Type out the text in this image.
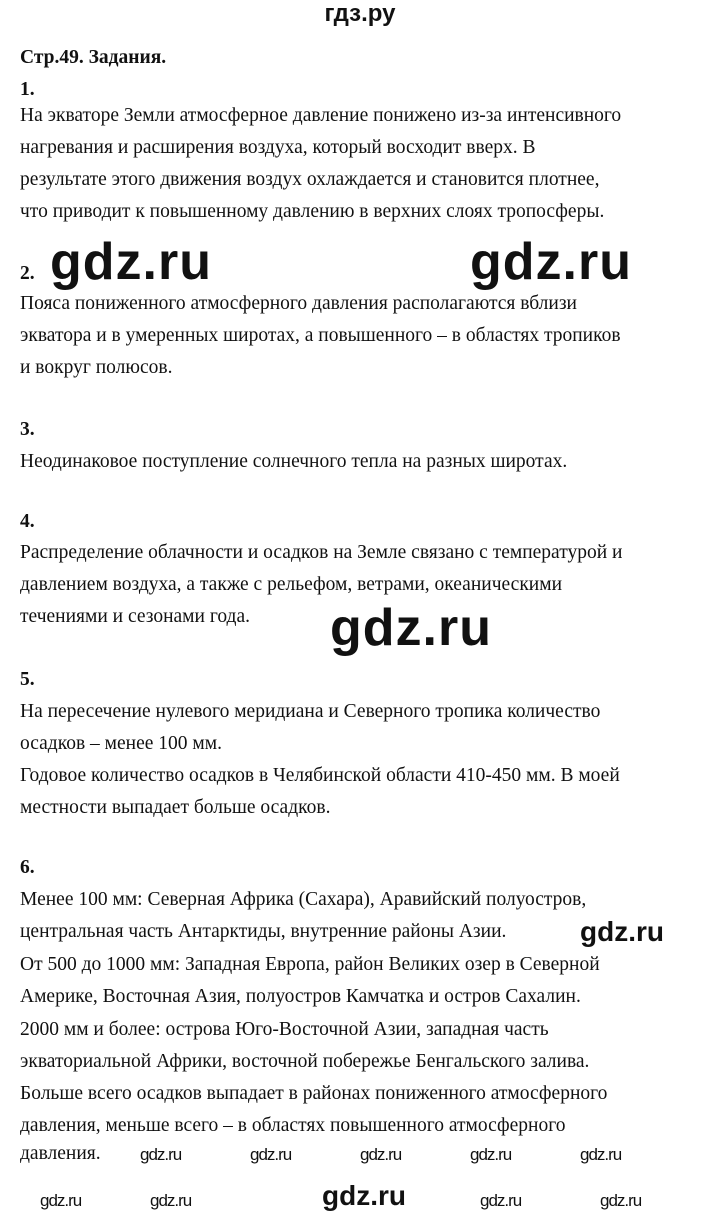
гдз.ру
Стр.49. Задания.
1.
На экваторе Земли атмосферное давление понижено из-за интенсивного
нагревания и расширения воздуха, который восходит вверх. В
результате этого движения воздух охлаждается и становится плотнее,
что приводит к повышенному давлению в верхних слоях тропосферы.
2.
Пояса пониженного атмосферного давления располагаются вблизи
экватора и в умеренных широтах, а повышенного – в областях тропиков
и вокруг полюсов.
3.
Неодинаковое поступление солнечного тепла на разных широтах.
4.
Распределение облачности и осадков на Земле связано с температурой и
давлением воздуха, а также с рельефом, ветрами, океаническими
течениями и сезонами года.
5.
На пересечение нулевого меридиана и Северного тропика количество
осадков – менее 100 мм.
Годовое количество осадков в Челябинской области 410-450 мм. В моей
местности выпадает больше осадков.
6.
Менее 100 мм: Северная Африка (Сахара), Аравийский полуостров,
центральная часть Антарктиды, внутренние районы Азии.
От 500 до 1000 мм: Западная Европа, район Великих озер в Северной
Америке, Восточная Азия, полуостров Камчатка и остров Сахалин.
2000 мм и более: острова Юго-Восточной Азии, западная часть
экваториальной Африки, восточной побережье Бенгальского залива.
Больше всего осадков выпадает в районах пониженного атмосферного
давления, меньше всего – в областях повышенного атмосферного
давления.
gdz.ru	gdz.ru
gdz.ru
gdz.ru
gdz.ru	gdz.ru	gdz.ru	gdz.ru	gdz.ru
gdz.ru	gdz.ru	gdz.ru	gdz.ru
gdz.ru
